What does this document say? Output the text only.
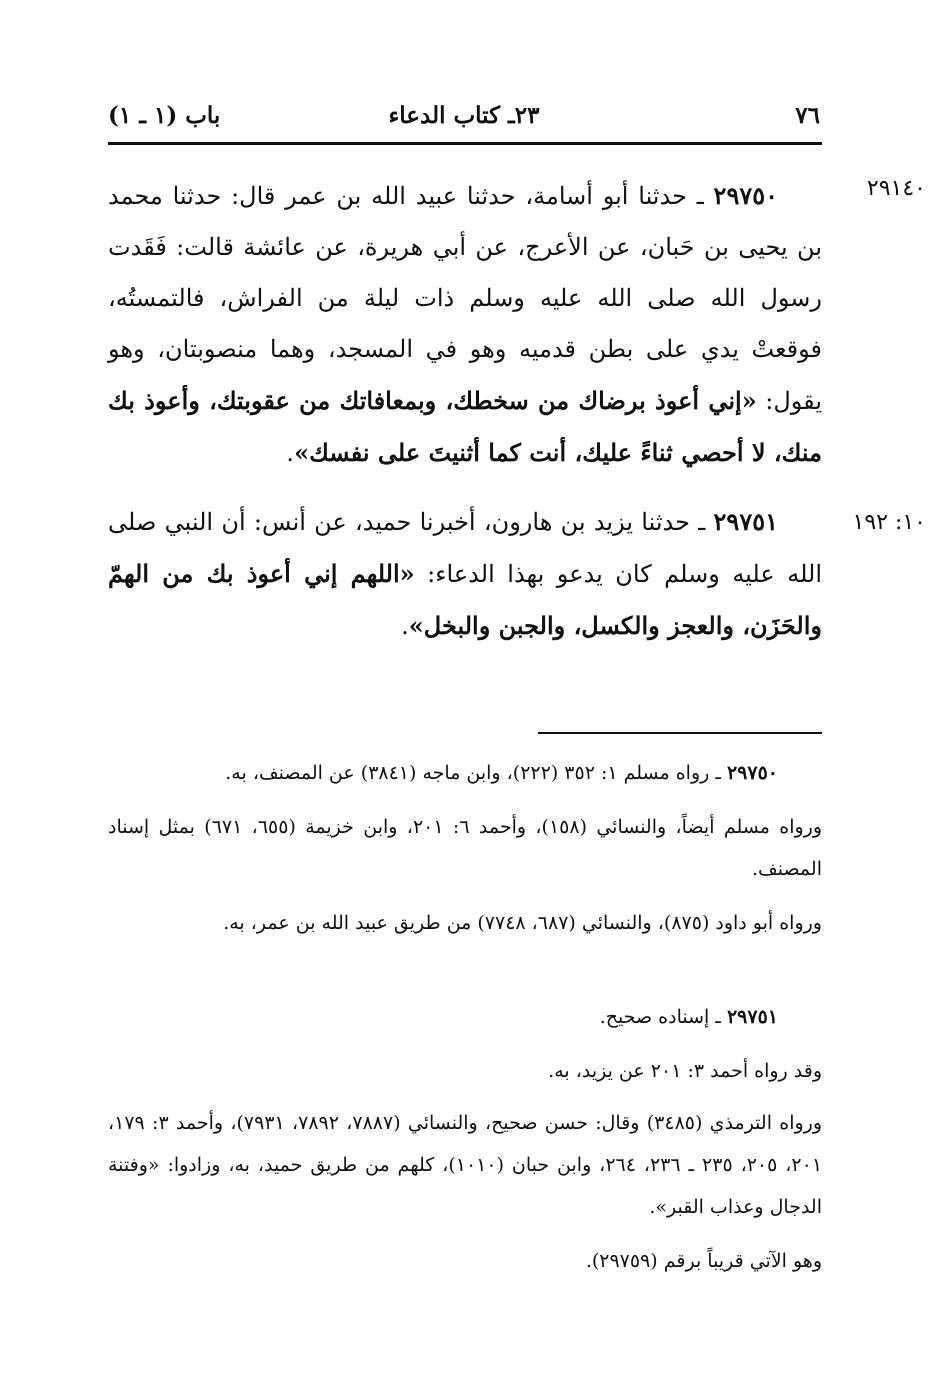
٧٦
٢٣ـ كتاب الدعاء
باب (١ ـ ١)
٢٩١٤٠
٢٩٧٥٠ ـ حدثنا أبو أسامة، حدثنا عبيد الله بن عمر قال: حدثنا محمد بن يحيى بن حَبان، عن الأعرج، عن أبي هريرة، عن عائشة قالت: فَقَدت رسول الله صلى الله عليه وسلم ذات ليلة من الفراش، فالتمستُه، فوقعتْ يدي على بطن قدميه وهو في المسجد، وهما منصوبتان، وهو يقول: «إني أعوذ برضاك من سخطك، وبمعافاتك من عقوبتك، وأعوذ بك منك، لا أحصي ثناءً عليك، أنت كما أثنيتَ على نفسك».
١٠: ١٩٢
٢٩٧٥١ ـ حدثنا يزيد بن هارون، أخبرنا حميد، عن أنس: أن النبي صلى الله عليه وسلم كان يدعو بهذا الدعاء: «اللهم إني أعوذ بك من الهمّ والحَزَن، والعجز والكسل، والجبن والبخل».
٢٩٧٥٠ ـ رواه مسلم ١: ٣٥٢ (٢٢٢)، وابن ماجه (٣٨٤١) عن المصنف، به.
ورواه مسلم أيضاً، والنسائي (١٥٨)، وأحمد ٦: ٢٠١، وابن خزيمة (٦٥٥، ٦٧١) بمثل إسناد المصنف.
ورواه أبو داود (٨٧٥)، والنسائي (٦٨٧، ٧٧٤٨) من طريق عبيد الله بن عمر، به.
٢٩٧٥١ ـ إسناده صحيح.
وقد رواه أحمد ٣: ٢٠١ عن يزيد، به.
ورواه الترمذي (٣٤٨٥) وقال: حسن صحيح، والنسائي (٧٨٨٧، ٧٨٩٢، ٧٩٣١)، وأحمد ٣: ١٧٩، ٢٠١، ٢٠٥، ٢٣٥ ـ ٢٣٦، ٢٦٤، وابن حبان (١٠١٠)، كلهم من طريق حميد، به، وزادوا: «وفتنة الدجال وعذاب القبر».
وهو الآتي قريباً برقم (٢٩٧٥٩).
